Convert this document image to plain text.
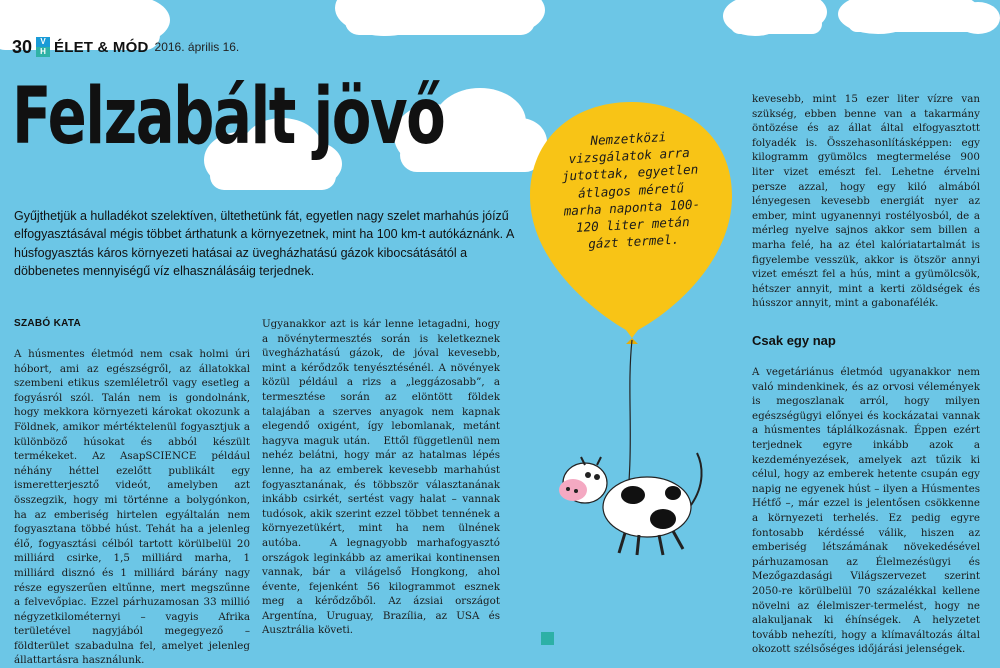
30	V
H ÉLET & MÓD 2016. április 16.
Felzabált jövő
Gyűjthetjük a hulladékot szelektíven, ültethetünk fát, egyetlen nagy szelet marhahús jóízű elfogyasztásával mégis többet árthatunk a környezetnek, mint ha 100 km-t autókáznánk. A húsfogyasztás káros környezeti hatásai az üvegházhatású gázok kibocsátásától a döbbenetes mennyiségű víz elhasználásáig terjednek.
SZABÓ KATA

A húsmentes életmód nem csak holmi úri hóbort, ami az egészségről, az állatokkal szembeni etikus szemléletről vagy esetleg a fogyásról szól. Talán nem is gondolnánk, hogy mekkora környezeti károkat okozunk a Földnek, amikor mértéktelenül fogyasztjuk a különböző húsokat és abból készült termékeket. Az AsapSCIENCE például néhány héttel ezelőtt publikált egy ismeretterjesztő videót, amelyben azt összegzik, hogy mi történne a bolygónkon, ha az emberiség hirtelen egyáltalán nem fogyasztana többé húst. Tehát ha a jelenleg élő, fogyasztási célból tartott körülbelül 20 milliárd csirke, 1,5 milliárd marha, 1 milliárd disznó és 1 milliárd bárány nagy része egyszerűen eltűnne, mert megszűnne a felvevőpiac. Ezzel párhuzamosan 33 millió négyzetkilométernyi – vagyis Afrika területével nagyjából megegyező – földterület szabadulna fel, amelyet jelenleg állattartásra használunk.

Ugyanakkor azt is kár lenne letagadni, hogy a növénytermesztés során is keletkeznek üvegházhatású gázok, de jóval kevesebb, mint a kérődzők tenyésztésénél. A növények közül például a rizs a „leggázosabb”, a termesztése során az elöntött földek talajában a szerves anyagok nem kapnak elegendő oxigént, így lebomlanak, metánt hagyva maguk után.   Ettől függetlenül nem nehéz belátni, hogy már az hatalmas lépés lenne, ha az emberek kevesebb marhahúst fogyasztanának, és többször választanának inkább csirkét, sertést vagy halat – vannak tudósok, akik szerint ezzel többet tennének a környezetükért, mint ha nem ülnének autóba.   A legnagyobb marhafogyasztó országok leginkább az amerikai kontinensen vannak, bár a világelső Hongkong, ahol évente, fejenként 56 kilogrammot esznek meg a kérődzőből. Az ázsiai országot Argentína, Uruguay, Brazília, az USA és Ausztrália követi.

kevesebb, mint 15 ezer liter vízre van szükség, ebben benne van a takarmány öntözése és az állat által elfogyasztott folyadék is. Összehasonlításképpen: egy kilogramm gyümölcs megtermelése 900 liter vizet emészt fel. Lehetne érvelni persze azzal, hogy egy kiló almából lényegesen kevesebb energiát nyer az ember, mint ugyanennyi rostélyosból, de a mérleg nyelve sajnos akkor sem billen a marha felé, ha az étel kalóriatartalmát is figyelembe vesszük, akkor is ötször annyi vizet emészt fel a hús, mint a gyümölcsök, hétszer annyit, mint a kerti zöldségek és hússzor annyit, mint a gabonafélék.

Csak egy nap

A vegetáriánus életmód ugyanakkor nem való mindenkinek, és az orvosi vélemények is megoszlanak arról, hogy milyen egészségügyi előnyei és kockázatai vannak a húsmentes táplálkozásnak. Éppen ezért terjednek egyre inkább azok a kezdeményezések, amelyek azt tűzik ki célul, hogy az emberek hetente csupán egy napig ne egyenek húst – ilyen a Húsmentes Hétfő –, már ezzel is jelentősen csökkenne a környezeti terhelés. Ez pedig egyre fontosabb kérdéssé válik, hiszen az emberiség létszámának növekedésével párhuzamosan az Élelmezésügyi és Mezőgazdasági Világszervezet szerint 2050-re körülbelül 70 százalékkal kellene növelni az élelmiszer-termelést, hogy ne alakuljanak ki éhínségek. A helyzetet tovább nehezíti, hogy a klímaváltozás által okozott szélsőséges időjárási jelenségek.

Nemzetközi vizsgálatok arra jutottak, egyetlen átlagos méretű marha naponta 100-120 liter metán gázt termel.
